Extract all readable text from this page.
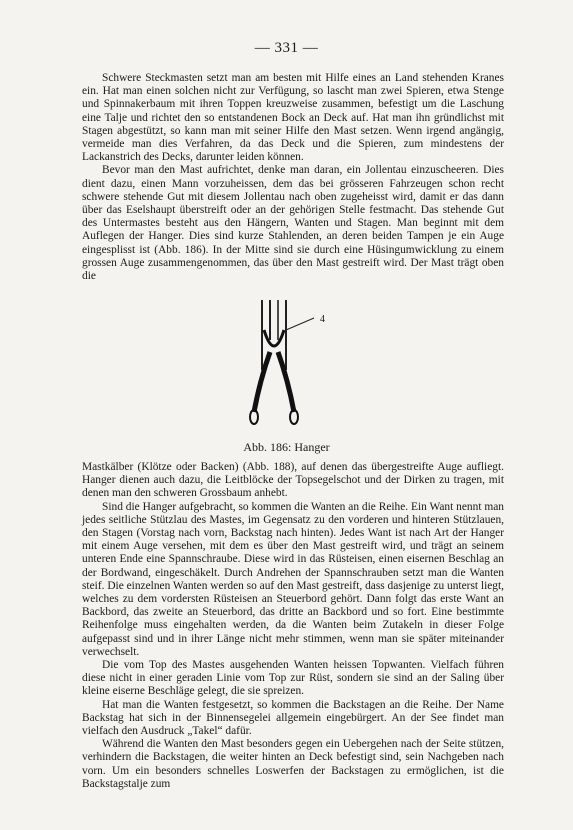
— 331 —

Schwere Steckmasten setzt man am besten mit Hilfe eines an Land stehenden Kranes ein. Hat man einen solchen nicht zur Verfügung, so lascht man zwei Spieren, etwa Stenge und Spinnakerbaum mit ihren Toppen kreuzweise zusammen, befestigt um die Laschung eine Talje und richtet den so entstandenen Bock an Deck auf. Hat man ihn gründlichst mit Stagen abgestützt, so kann man mit seiner Hilfe den Mast setzen. Wenn irgend angängig, vermeide man dies Verfahren, da das Deck und die Spieren, zum mindestens der Lackanstrich des Decks, darunter leiden können.

Bevor man den Mast aufrichtet, denke man daran, ein Jollentau einzuscheeren. Dies dient dazu, einen Mann vorzuheissen, dem das bei grösseren Fahrzeugen schon recht schwere stehende Gut mit diesem Jollentau nach oben zugeheisst wird, damit er das dann über das Eselshaupt überstreift oder an der gehörigen Stelle festmacht. Das stehende Gut des Untermastes besteht aus den Hängern, Wanten und Stagen. Man beginnt mit dem Auflegen der Hanger. Dies sind kurze Stahlenden, an deren beiden Tampen je ein Auge eingesplisst ist (Abb. 186). In der Mitte sind sie durch eine Hüsingumwicklung zu einem grossen Auge zusammengenommen, das über den Mast gestreift wird. Der Mast trägt oben die

4
Abb. 186: Hanger

Mastkälber (Klötze oder Backen) (Abb. 188), auf denen das übergestreifte Auge aufliegt. Hanger dienen auch dazu, die Leitblöcke der Topsegelschot und der Dirken zu tragen, mit denen man den schweren Grossbaum anhebt.

Sind die Hanger aufgebracht, so kommen die Wanten an die Reihe. Ein Want nennt man jedes seitliche Stützlau des Mastes, im Gegensatz zu den vorderen und hinteren Stützlauen, den Stagen (Vorstag nach vorn, Backstag nach hinten). Jedes Want ist nach Art der Hanger mit einem Auge versehen, mit dem es über den Mast gestreift wird, und trägt an seinem unteren Ende eine Spannschraube. Diese wird in das Rüsteisen, einen eisernen Beschlag an der Bordwand, eingeschäkelt. Durch Andrehen der Spannschrauben setzt man die Wanten steif. Die einzelnen Wanten werden so auf den Mast gestreift, dass dasjenige zu unterst liegt, welches zu dem vordersten Rüsteisen an Steuerbord gehört. Dann folgt das erste Want an Backbord, das zweite an Steuerbord, das dritte an Backbord und so fort. Eine bestimmte Reihenfolge muss eingehalten werden, da die Wanten beim Zutakeln in dieser Folge aufgepasst sind und in ihrer Länge nicht mehr stimmen, wenn man sie später miteinander verwechselt.

Die vom Top des Mastes ausgehenden Wanten heissen Topwanten. Vielfach führen diese nicht in einer geraden Linie vom Top zur Rüst, sondern sie sind an der Saling über kleine eiserne Beschläge gelegt, die sie spreizen.

Hat man die Wanten festgesetzt, so kommen die Backstagen an die Reihe. Der Name Backstag hat sich in der Binnensegelei allgemein eingebürgert. An der See findet man vielfach den Ausdruck „Takel“ dafür.

Während die Wanten den Mast besonders gegen ein Uebergehen nach der Seite stützen, verhindern die Backstagen, die weiter hinten an Deck befestigt sind, sein Nachgeben nach vorn. Um ein besonders schnelles Loswerfen der Backstagen zu ermöglichen, ist die Backstagstalje zum
